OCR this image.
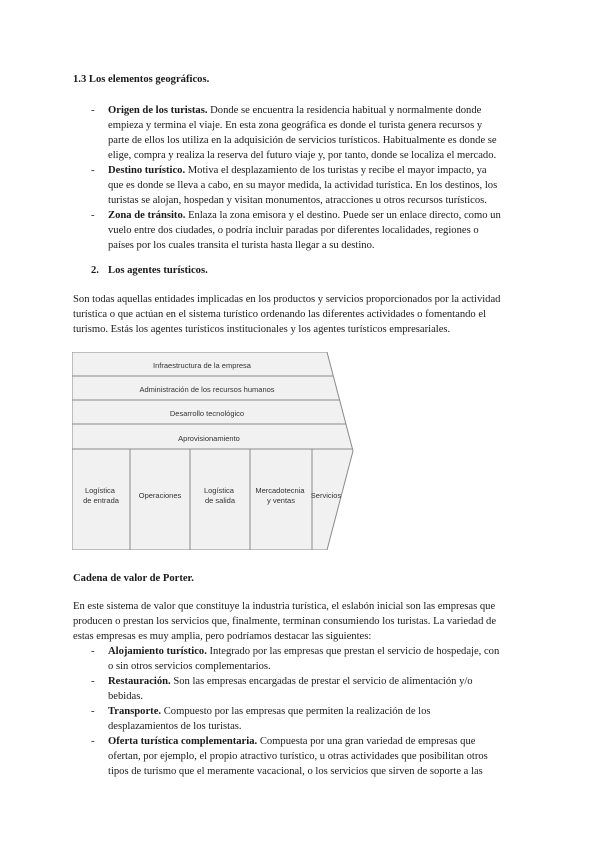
1.3 Los elementos geográficos.
- Origen de los turistas. Donde se encuentra la residencia habitual y normalmente donde empieza y termina el viaje. En esta zona geográfica es donde el turista genera recursos y parte de ellos los utiliza en la adquisición de servicios turísticos. Habitualmente es donde se elige, compra y realiza la reserva del futuro viaje y, por tanto, donde se localiza el mercado.
- Destino turístico. Motiva el desplazamiento de los turistas y recibe el mayor impacto, ya que es donde se lleva a cabo, en su mayor medida, la actividad turística. En los destinos, los turistas se alojan, hospedan y visitan monumentos, atracciones u otros recursos turísticos.
- Zona de tránsito. Enlaza la zona emisora y el destino. Puede ser un enlace directo, como un vuelo entre dos ciudades, o podría incluir paradas por diferentes localidades, regiones o países por los cuales transita el turista hasta llegar a su destino.
2. Los agentes turísticos.
Son todas aquellas entidades implicadas en los productos y servicios proporcionados por la actividad turística o que actúan en el sistema turístico ordenando las diferentes actividades o fomentando el turismo. Estás los agentes turísticos institucionales y los agentes turísticos empresariales.
Infraestructura de la empresa
Administración de los recursos humanos
Desarrollo tecnológico
Aprovisionamiento
Logística de entrada
Operaciones
Logística de salida
Mercadotecnia y ventas
Servicios
Cadena de valor de Porter.
En este sistema de valor que constituye la industria turística, el eslabón inicial son las empresas que producen o prestan los servicios que, finalmente, terminan consumiendo los turistas. La variedad de estas empresas es muy amplia, pero podríamos destacar las siguientes:
- Alojamiento turístico. Integrado por las empresas que prestan el servicio de hospedaje, con o sin otros servicios complementarios.
- Restauración. Son las empresas encargadas de prestar el servicio de alimentación y/o bebidas.
- Transporte. Compuesto por las empresas que permiten la realización de los desplazamientos de los turistas.
- Oferta turística complementaria. Compuesta por una gran variedad de empresas que ofertan, por ejemplo, el propio atractivo turístico, u otras actividades que posibilitan otros tipos de turismo que el meramente vacacional, o los servicios que sirven de soporte a las
